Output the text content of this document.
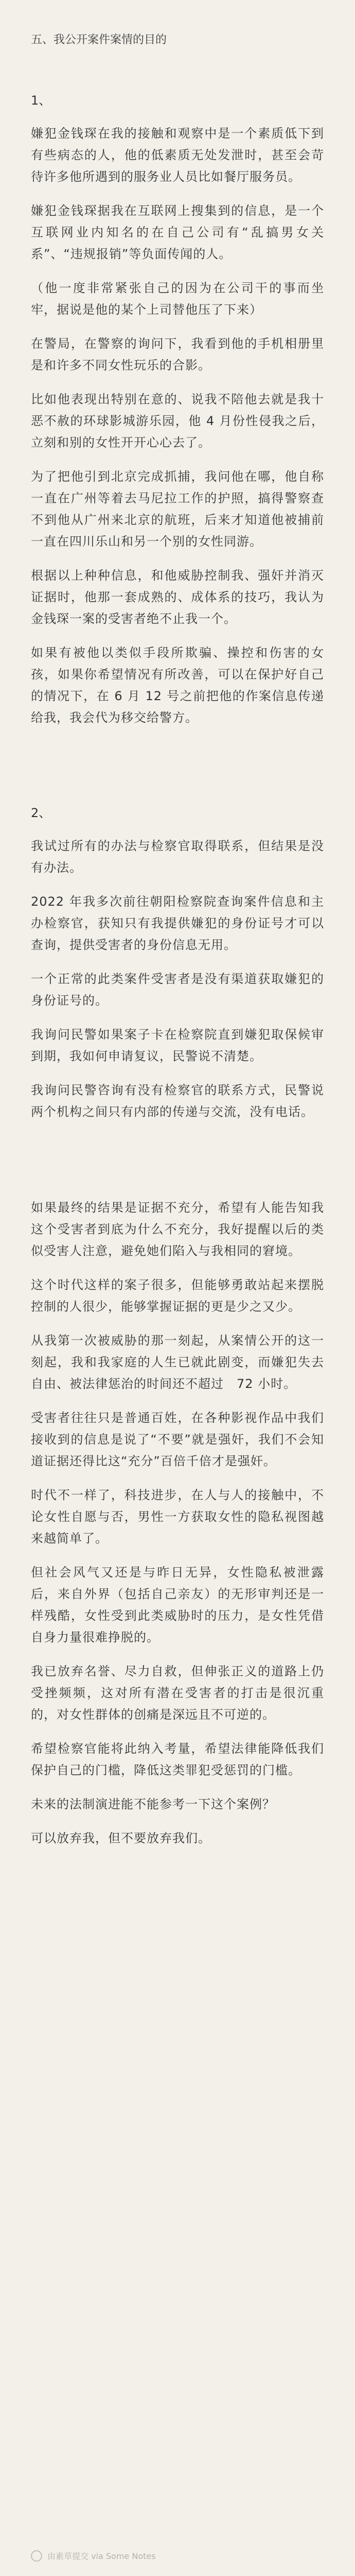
五、我公开案件案情的目的
1、

嫌犯金钱琛在我的接触和观察中是一个素质低下到有些病态的人，他的低素质无处发泄时，甚至会苛待许多他所遇到的服务业人员比如餐厅服务员。

嫌犯金钱琛据我在互联网上搜集到的信息，是一个互联网业内知名的在自己公司有“乱搞男女关系”、“违规报销”等负面传闻的人。

（他一度非常紧张自己的因为在公司干的事而坐牢，据说是他的某个上司替他压了下来）

在警局，在警察的询问下，我看到他的手机相册里是和许多不同女性玩乐的合影。

比如他表现出特别在意的、说我不陪他去就是我十恶不赦的环球影城游乐园，他 4 月份性侵我之后，立刻和别的女性开开心心去了。

为了把他引到北京完成抓捕，我问他在哪，他自称一直在广州等着去马尼拉工作的护照，搞得警察查不到他从广州来北京的航班，后来才知道他被捕前一直在四川乐山和另一个别的女性同游。

根据以上种种信息，和他威胁控制我、强奸并消灭证据时，他那一套成熟的、成体系的技巧，我认为金钱琛一案的受害者绝不止我一个。

如果有被他以类似手段所欺骗、操控和伤害的女孩，如果你希望情况有所改善，可以在保护好自己的情况下，在 6 月 12 号之前把他的作案信息传递给我，我会代为移交给警方。

2、

我试过所有的办法与检察官取得联系，但结果是没有办法。

2022 年我多次前往朝阳检察院查询案件信息和主办检察官，获知只有我提供嫌犯的身份证号才可以查询，提供受害者的身份信息无用。

一个正常的此类案件受害者是没有渠道获取嫌犯的身份证号的。

我询问民警如果案子卡在检察院直到嫌犯取保候审到期，我如何申请复议，民警说不清楚。

我询问民警咨询有没有检察官的联系方式，民警说两个机构之间只有内部的传递与交流，没有电话。

如果最终的结果是证据不充分，希望有人能告知我这个受害者到底为什么不充分，我好提醒以后的类似受害人注意，避免她们陷入与我相同的窘境。

这个时代这样的案子很多，但能够勇敢站起来摆脱控制的人很少，能够掌握证据的更是少之又少。

从我第一次被威胁的那一刻起，从案情公开的这一刻起，我和我家庭的人生已就此剧变，而嫌犯失去自由、被法律惩治的时间还不超过　72 小时。

受害者往往只是普通百姓，在各种影视作品中我们接收到的信息是说了“不要”就是强奸，我们不会知道证据还得比这“充分”百倍千倍才是强奸。

时代不一样了，科技进步，在人与人的接触中，不论女性自愿与否，男性一方获取女性的隐私视图越来越简单了。

但社会风气又还是与昨日无异，女性隐私被泄露后，来自外界（包括自己亲友）的无形审判还是一样残酷，女性受到此类威胁时的压力，是女性凭借自身力量很难挣脱的。

我已放弃名誉、尽力自救，但伸张正义的道路上仍受挫频频，这对所有潜在受害者的打击是很沉重的，对女性群体的创痛是深远且不可逆的。

希望检察官能将此纳入考量，希望法律能降低我们保护自己的门槛，降低这类罪犯受惩罚的门槛。

未来的法制演进能不能参考一下这个案例？

可以放弃我，但不要放弃我们。

由素草提交 via Some Notes
